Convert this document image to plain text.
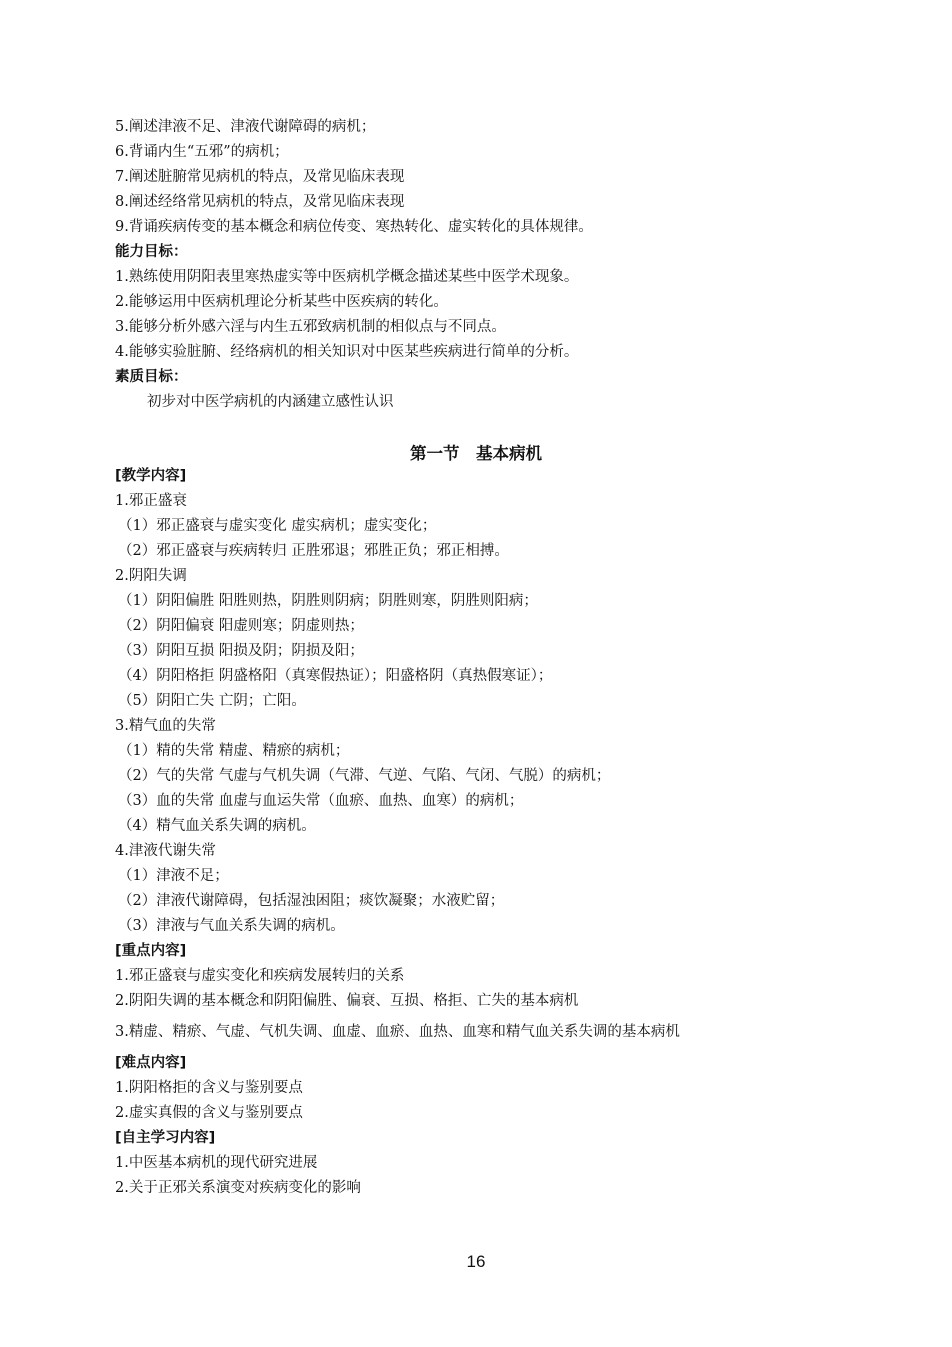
5.阐述津液不足、津液代谢障碍的病机；
6.背诵内生“五邪”的病机；
7.阐述脏腑常见病机的特点，及常见临床表现
8.阐述经络常见病机的特点，及常见临床表现
9.背诵疾病传变的基本概念和病位传变、寒热转化、虚实转化的具体规律。
能力目标：
1.熟练使用阴阳表里寒热虚实等中医病机学概念描述某些中医学术现象。
2.能够运用中医病机理论分析某些中医疾病的转化。
3.能够分析外感六淫与内生五邪致病机制的相似点与不同点。
4.能够实验脏腑、经络病机的相关知识对中医某些疾病进行简单的分析。
素质目标：
初步对中医学病机的内涵建立感性认识
第一节　基本病机
[教学内容]
1.邪正盛衰
（1）邪正盛衰与虚实变化 虚实病机；虚实变化；
（2）邪正盛衰与疾病转归 正胜邪退；邪胜正负；邪正相搏。
2.阴阳失调
（1）阴阳偏胜 阳胜则热，阴胜则阴病；阴胜则寒，阴胜则阳病；
（2）阴阳偏衰 阳虚则寒；阴虚则热；
（3）阴阳互损 阳损及阴；阴损及阳；
（4）阴阳格拒 阴盛格阳（真寒假热证）；阳盛格阴（真热假寒证）；
（5）阴阳亡失 亡阴；亡阳。
3.精气血的失常
（1）精的失常 精虚、精瘀的病机；
（2）气的失常 气虚与气机失调（气滞、气逆、气陷、气闭、气脱）的病机；
（3）血的失常 血虚与血运失常（血瘀、血热、血寒）的病机；
（4）精气血关系失调的病机。
4.津液代谢失常
（1）津液不足；
（2）津液代谢障碍，包括湿浊困阻；痰饮凝聚；水液贮留；
（3）津液与气血关系失调的病机。
[重点内容]
1.邪正盛衰与虚实变化和疾病发展转归的关系
2.阴阳失调的基本概念和阴阳偏胜、偏衰、互损、格拒、亡失的基本病机
3.精虚、精瘀、气虚、气机失调、血虚、血瘀、血热、血寒和精气血关系失调的基本病机
[难点内容]
1.阴阳格拒的含义与鉴别要点
2.虚实真假的含义与鉴别要点
[自主学习内容]
1.中医基本病机的现代研究进展
2.关于正邪关系演变对疾病变化的影响
16
